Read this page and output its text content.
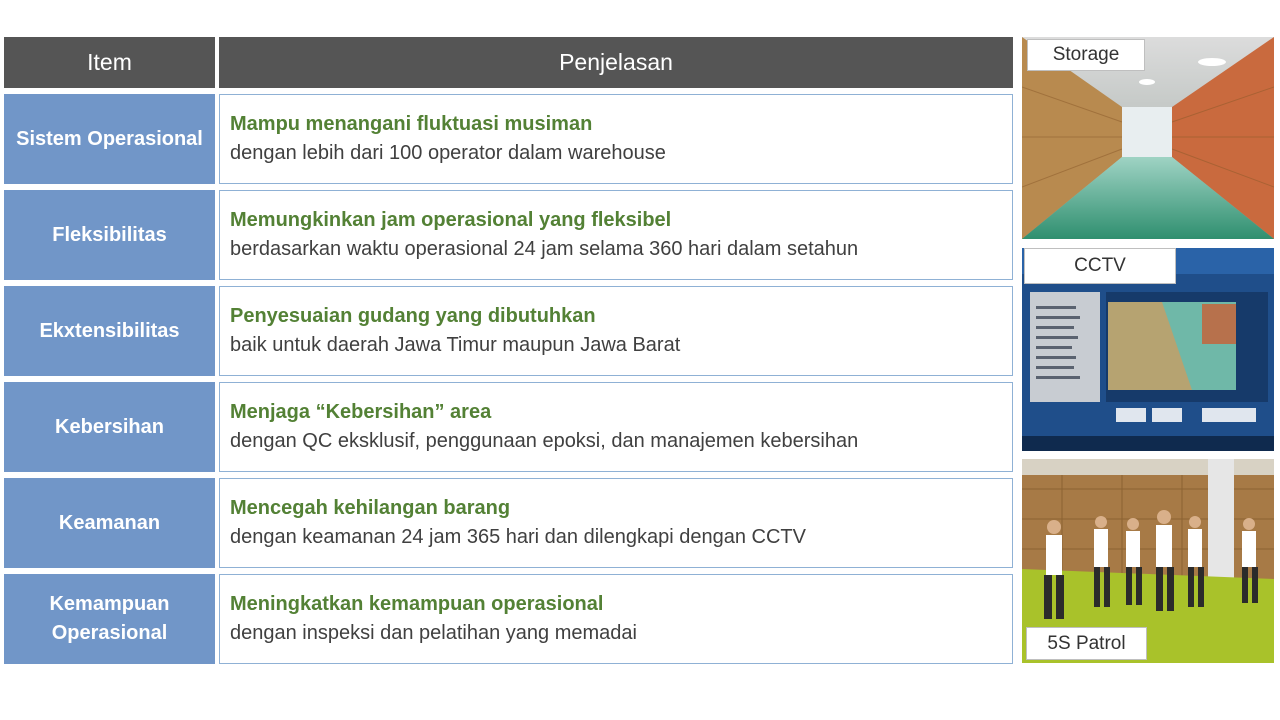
Item	Penjelasan
Sistem Operasional
Mampu menangani fluktuasi musiman
dengan lebih dari 100 operator dalam warehouse
Fleksibilitas
Memungkinkan jam operasional yang fleksibel
berdasarkan waktu operasional 24 jam selama 360 hari dalam setahun
Ekxtensibilitas
Penyesuaian gudang yang dibutuhkan
baik untuk daerah Jawa Timur maupun Jawa Barat
Kebersihan
Menjaga “Kebersihan” area
dengan QC eksklusif, penggunaan epoksi, dan manajemen kebersihan
Keamanan
Mencegah kehilangan barang
dengan keamanan 24 jam 365 hari dan dilengkapi dengan CCTV
Kemampuan Operasional
Meningkatkan kemampuan operasional
dengan inspeksi dan pelatihan yang memadai
Storage
CCTV
5S Patrol
